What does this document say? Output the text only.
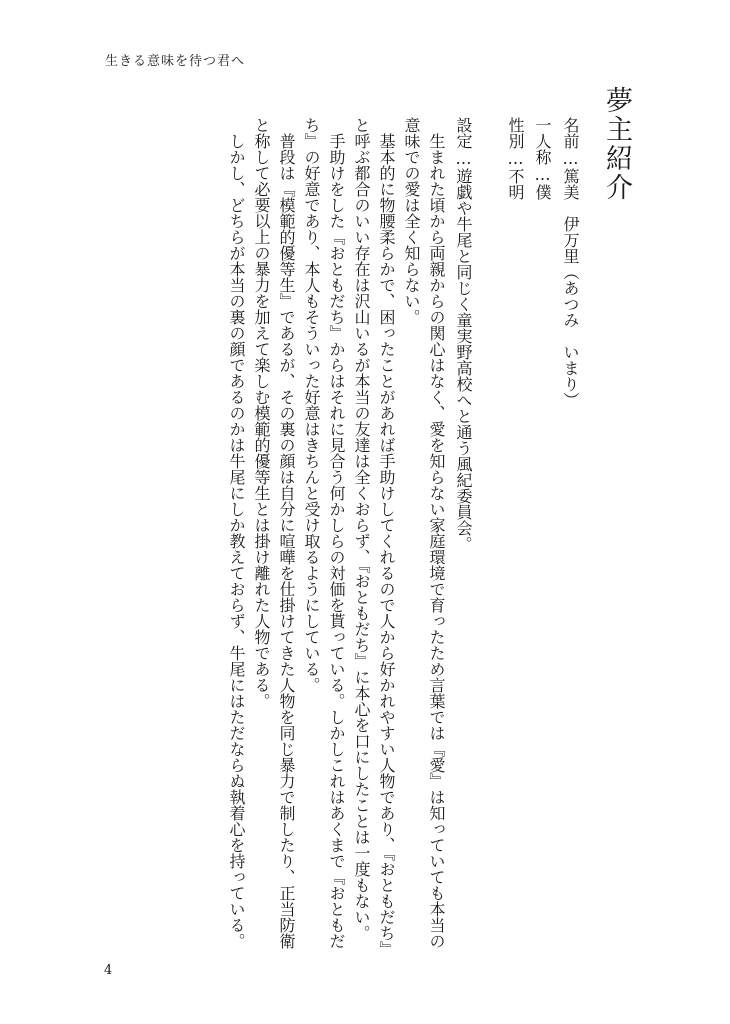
生きる意味を待つ君へ
夢主紹介
名前…篤美　伊万里（あつみ　いまり）
一人称…僕
性別…不明
設定…遊戯や牛尾と同じく童実野高校へと通う風紀委員会。
　生まれた頃から両親からの関心はなく、愛を知らない家庭環境で育ったため言葉では『愛』は知っていても本当の
意味での愛は全く知らない。
　基本的に物腰柔らかで、困ったことがあれば手助けしてくれるので人から好かれやすい人物であり、『おともだち』
と呼ぶ都合のいい存在は沢山いるが本当の友達は全くおらず、『おともだち』に本心を口にしたことは一度もない。
　手助けをした『おともだち』からはそれに見合う何かしらの対価を貰っている。しかしこれはあくまで『おともだ
ち』の好意であり、本人もそういった好意はきちんと受け取るようにしている。
　普段は『模範的優等生』であるが、その裏の顔は自分に喧嘩を仕掛けてきた人物を同じ暴力で制したり、正当防衛
と称して必要以上の暴力を加えて楽しむ模範的優等生とは掛け離れた人物である。
　しかし、どちらが本当の裏の顔であるのかは牛尾にしか教えておらず、牛尾にはただならぬ執着心を持っている。
4
